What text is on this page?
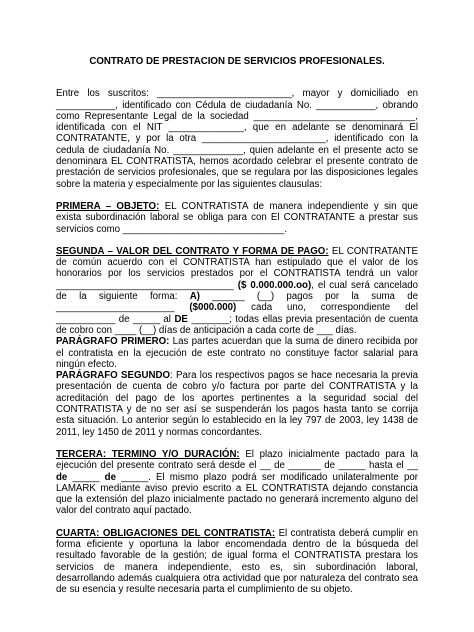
CONTRATO DE PRESTACION DE SERVICIOS PROFESIONALES.

Entre los suscritos: _________________________, mayor y domiciliado en ___________, identificado con Cédula de ciudadanía No. ___________, obrando como Representante Legal de la sociedad ______________________________, identificada con el NIT ______________, que en adelante se denominará El CONTRATANTE, y por la otra _______________________, identificado con la cedula de ciudadanía No. _____________, quien adelante en el presente acto se denominara EL CONTRATISTA, hemos acordado celebrar el presente contrato de prestación de servicios profesionales, que se regulara por las disposiciones legales sobre la materia y especialmente por las siguientes clausulas:

PRIMERA – OBJETO: EL CONTRATISTA de manera independiente y sin que exista subordinación laboral se obliga para con El CONTRATANTE a prestar sus servicios como ______________________________.

SEGUNDA – VALOR DEL CONTRATO Y FORMA DE PAGO: EL CONTRATANTE de común acuerdo con el CONTRATISTA han estipulado que el valor de los honorarios por los servicios prestados por el CONTRATISTA tendrá un valor _________________________________ ($ 0.000.000.oo), el cual será cancelado de la siguiente forma: A) ______ (__) pagos por la suma de ______________________ ($000.000) cada uno, correspondiente del ___________ de _____ al DE _______; todas ellas previa presentación de cuenta de cobro con ____ (__) días de anticipación a cada corte de ___ días.

PARÁGRAFO PRIMERO: Las partes acuerdan que la suma de dinero recibida por el contratista en la ejecución de este contrato no constituye factor salarial para ningún efecto.

PARÁGRAFO SEGUNDO: Para los respectivos pagos se hace necesaria la previa presentación de cuenta de cobro y/o factura por parte del CONTRATISTA y la acreditación del pago de los aportes pertinentes a la seguridad social del CONTRATISTA y de no ser así se suspenderán los pagos hasta tanto se corrija esta situación. Lo anterior según lo establecido en la ley 797 de 2003, ley 1438 de 2011, ley 1450 de 2011 y normas concordantes.

TERCERA: TERMINO Y/O DURACIÓN: El plazo inicialmente pactado para la ejecución del presente contrato será desde el __ de ______ de _____ hasta el __ de _____ de _____. El mismo plazo podrá ser modificado unilateralmente por LAMARK mediante aviso previo escrito a EL CONTRATISTA dejando constancia que la extensión del plazo inicialmente pactado no generará incremento alguno del valor del contrato aquí pactado.

CUARTA: OBLIGACIONES DEL CONTRATISTA: El contratista deberá cumplir en forma eficiente y oportuna la labor encomendada dentro de la búsqueda del resultado favorable de la gestión; de igual forma el CONTRATISTA prestara los servicios de manera independiente, esto es, sin subordinación laboral, desarrollando además cualquiera otra actividad que por naturaleza del contrato sea de su esencia y resulte necesaria parta el cumplimiento de su objeto.
